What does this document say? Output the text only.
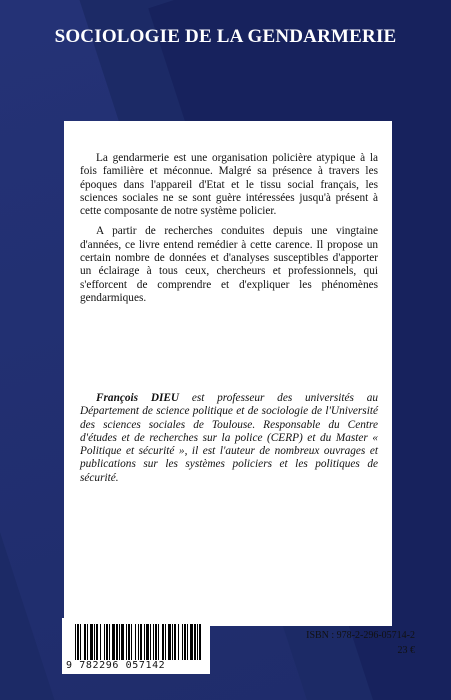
SOCIOLOGIE DE LA GENDARMERIE

La gendarmerie est une organisation policière atypique à la fois familière et méconnue. Malgré sa présence à travers les époques dans l'appareil d'Etat et le tissu social français, les sciences sociales ne se sont guère intéressées jusqu'à présent à cette composante de notre système policier.

A partir de recherches conduites depuis une vingtaine d'années, ce livre entend remédier à cette carence. Il propose un certain nombre de données et d'analyses susceptibles d'apporter un éclairage à tous ceux, chercheurs et professionnels, qui s'efforcent de comprendre et d'expliquer les phénomènes gendarmiques.

François DIEU est professeur des universités au Département de science politique et de sociologie de l'Université des sciences sociales de Toulouse. Responsable du Centre d'études et de recherches sur la police (CERP) et du Master « Politique et sécurité », il est l'auteur de nombreux ouvrages et publications sur les systèmes policiers et les politiques de sécurité.
9 782296 057142
ISBN : 978-2-296-05714-2
23 €
